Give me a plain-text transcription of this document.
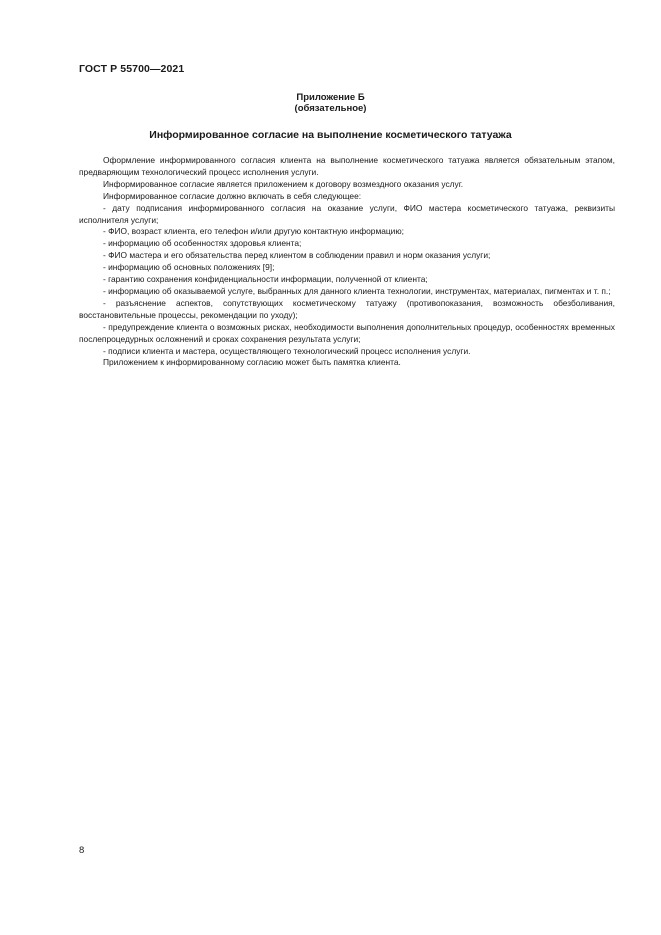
ГОСТ Р 55700—2021
Приложение Б
(обязательное)
Информированное согласие на выполнение косметического татуажа

Оформление информированного согласия клиента на выполнение косметического татуажа является обязательным этапом, предваряющим технологический процесс исполнения услуги.

Информированное согласие является приложением к договору возмездного оказания услуг.

Информированное согласие должно включать в себя следующее:

- дату подписания информированного согласия на оказание услуги, ФИО мастера косметического татуажа, реквизиты исполнителя услуги;

- ФИО, возраст клиента, его телефон и/или другую контактную информацию;

- информацию об особенностях здоровья клиента;

- ФИО мастера и его обязательства перед клиентом в соблюдении правил и норм оказания услуги;

- информацию об основных положениях [9];

- гарантию сохранения конфиденциальности информации, полученной от клиента;

- информацию об оказываемой услуге, выбранных для данного клиента технологии, инструментах, материалах, пигментах и т. п.;

- разъяснение аспектов, сопутствующих косметическому татуажу (противопоказания, возможность обезболивания, восстановительные процессы, рекомендации по уходу);

- предупреждение клиента о возможных рисках, необходимости выполнения дополнительных процедур, особенностях временных послепроцедурных осложнений и сроках сохранения результата услуги;

- подписи клиента и мастера, осуществляющего технологический процесс исполнения услуги.

Приложением к информированному согласию может быть памятка клиента.

8
